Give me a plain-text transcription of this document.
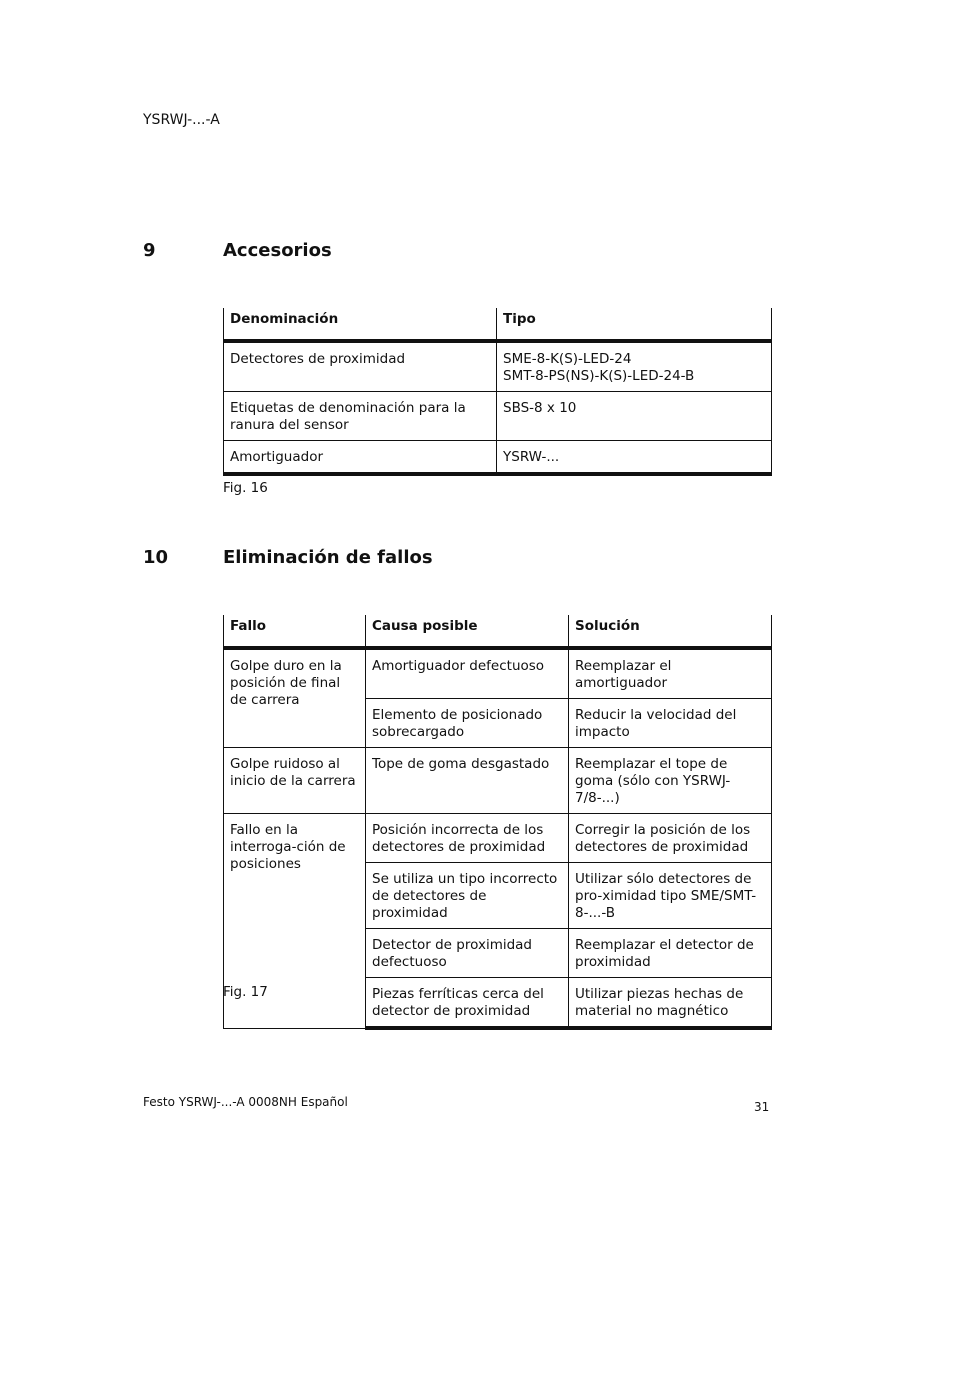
YSRWJ-...-A
9	Accesorios
Denominación	Tipo
Detectores de proximidad	SME-8-K(S)-LED-24
SMT-8-PS(NS)-K(S)-LED-24-B

Etiquetas de denominación para la ranura del sensor	SBS-8 x 10

Amortiguador	YSRW-...
Fig. 16
10	Eliminación de fallos
Fallo	Causa posible	Solución
Golpe duro en la posición de final de carrera	Amortiguador defectuoso	Reemplazar el amortiguador
	Elemento de posicionado sobrecargado	Reducir la velocidad del impacto
Golpe ruidoso al inicio de la carrera	Tope de goma desgastado	Reemplazar el tope de goma (sólo con YSRWJ-7/8-...)
Fallo en la interroga-ción de posiciones	Posición incorrecta de los detectores de proximidad	Corregir la posición de los detectores de proximidad
	Se utiliza un tipo incorrecto de detectores de proximidad	Utilizar sólo detectores de pro-ximidad tipo SME/SMT-8-...-B
	Detector de proximidad defectuoso	Reemplazar el detector de proximidad
	Piezas ferríticas cerca del detector de proximidad	Utilizar piezas hechas de material no magnético
Fig. 17
Festo YSRWJ-...-A 0008NH Español	31
